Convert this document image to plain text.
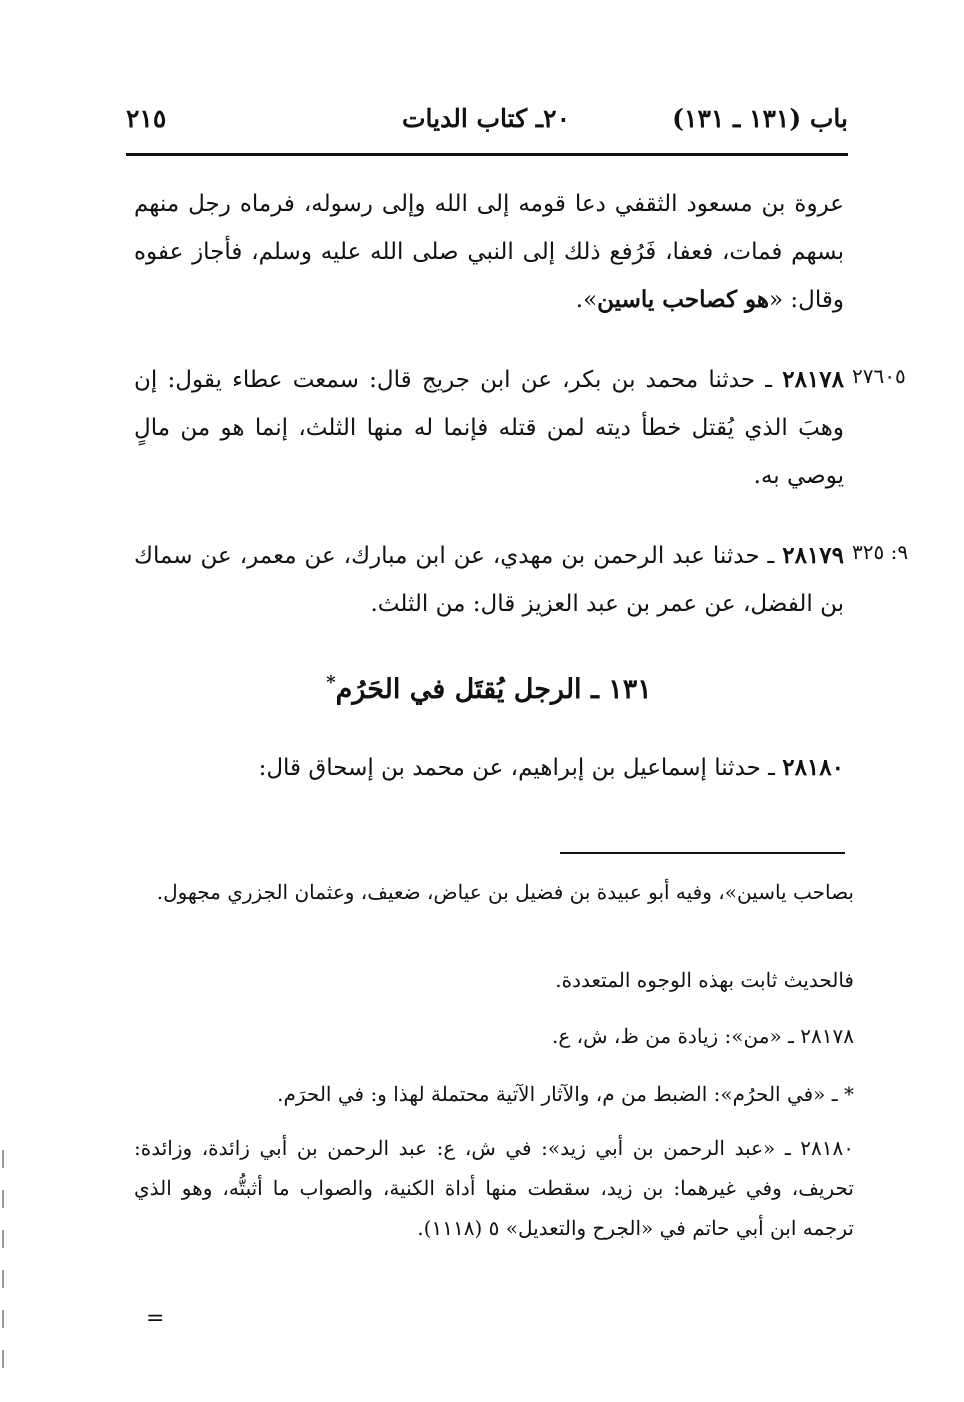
باب (١٣١ ـ ١٣١)
٢٠ـ كتاب الديات
٢١٥
عروة بن مسعود الثقفي دعا قومه إلى الله وإلى رسوله، فرماه رجل منهم بسهم فمات، فعفا، فَرُفع ذلك إلى النبي صلى الله عليه وسلم، فأجاز عفوه وقال: «هو كصاحب ياسين».
٢٧٦٠٥
٢٨١٧٨ ـ حدثنا محمد بن بكر، عن ابن جريج قال: سمعت عطاء يقول: إن وهبَ الذي يُقتل خطأ ديته لمن قتله فإنما له منها الثلث، إنما هو من مالٍ يوصي به.
٩: ٣٢٥
٢٨١٧٩ ـ حدثنا عبد الرحمن بن مهدي، عن ابن مبارك، عن معمر، عن سماك بن الفضل، عن عمر بن عبد العزيز قال: من الثلث.
١٣١ ـ الرجل يُقتَل في الحَرُم*
٢٨١٨٠ ـ حدثنا إسماعيل بن إبراهيم، عن محمد بن إسحاق قال:
بصاحب ياسين»، وفيه أبو عبيدة بن فضيل بن عياض، ضعيف، وعثمان الجزري مجهول.
فالحديث ثابت بهذه الوجوه المتعددة.
٢٨١٧٨ ـ «من»: زيادة من ظ، ش، ع.
* ـ «في الحرُم»: الضبط من م، والآثار الآتية محتملة لهذا و: في الحرَم.
٢٨١٨٠ ـ «عبد الرحمن بن أبي زيد»: في ش، ع: عبد الرحمن بن أبي زائدة، وزائدة: تحريف، وفي غيرهما: بن زيد، سقطت منها أداة الكنية، والصواب ما أثبتُّه، وهو الذي ترجمه ابن أبي حاتم في «الجرح والتعديل» ٥ (١١١٨).
=
